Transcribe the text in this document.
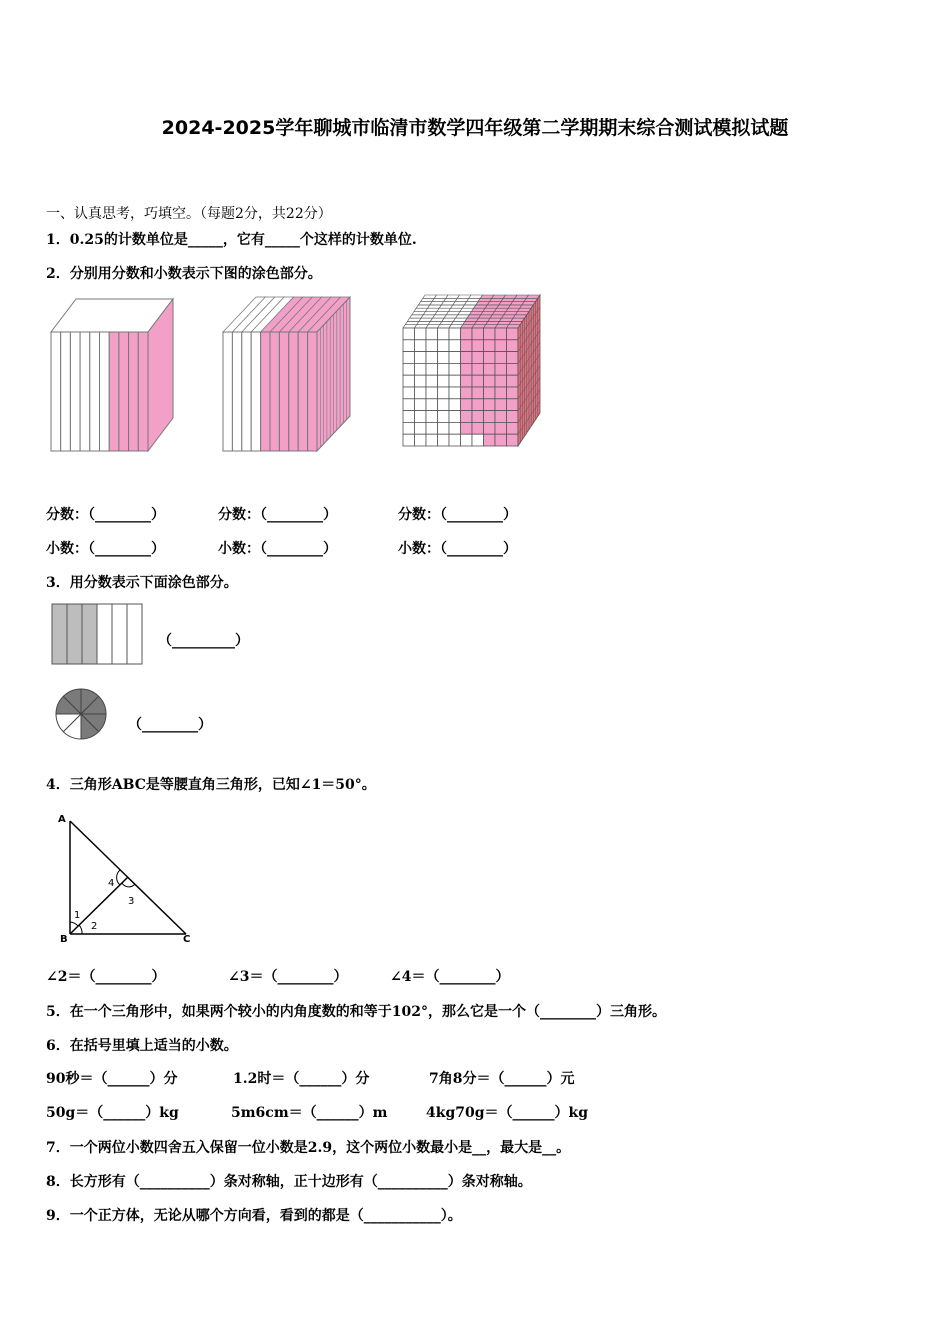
2024-2025学年聊城市临清市数学四年级第二学期期末综合测试模拟试题
一、认真思考，巧填空。（每题2分，共22分）
1．0.25的计数单位是_____，它有_____个这样的计数单位.
2．分别用分数和小数表示下图的涂色部分。
分数：（________）	分数：（________）	分数：（________）
小数：（________）	小数：（________）	小数：（________）
3．用分数表示下面涂色部分。
（_________）
（________）
4．三角形ABC是等腰直角三角形，已知∠1＝50°。
A
B	C
1
2
3
4
∠2＝（________）	∠3＝（________）	∠4＝（________）
5．在一个三角形中，如果两个较小的内角度数的和等于102°，那么它是一个（________）三角形。
6．在括号里填上适当的小数。
90秒＝（______）分	1.2时＝（______）分	7角8分＝（______）元
50g＝（______）kg	5m6cm＝（______）m	4kg70g＝（______）kg
7．一个两位小数四舍五入保留一位小数是2.9，这个两位小数最小是__，最大是__。
8．长方形有（__________）条对称轴，正十边形有（__________）条对称轴。
9．一个正方体，无论从哪个方向看，看到的都是（___________）。
